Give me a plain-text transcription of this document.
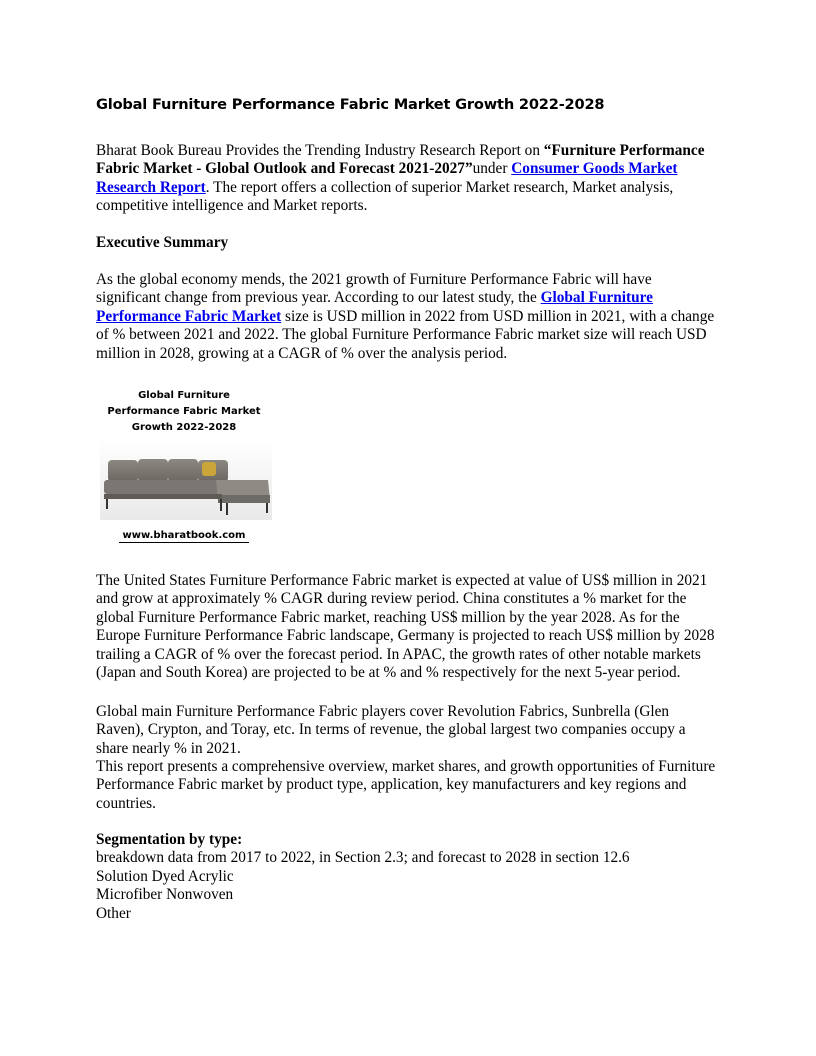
Global Furniture Performance Fabric Market Growth 2022-2028

Bharat Book Bureau Provides the Trending Industry Research Report on “Furniture Performance Fabric Market - Global Outlook and Forecast 2021-2027”under Consumer Goods Market Research Report. The report offers a collection of superior Market research, Market analysis, competitive intelligence and Market reports.

Executive Summary

As the global economy mends, the 2021 growth of Furniture Performance Fabric will have significant change from previous year. According to our latest study, the Global Furniture Performance Fabric Market size is USD million in 2022 from USD million in 2021, with a change of % between 2021 and 2022. The global Furniture Performance Fabric market size will reach USD million in 2028, growing at a CAGR of % over the analysis period.

Global Furniture Performance Fabric Market Growth 2022-2028

www.bharatbook.com

The United States Furniture Performance Fabric market is expected at value of US$ million in 2021 and grow at approximately % CAGR during review period. China constitutes a % market for the global Furniture Performance Fabric market, reaching US$ million by the year 2028. As for the Europe Furniture Performance Fabric landscape, Germany is projected to reach US$ million by 2028 trailing a CAGR of % over the forecast period. In APAC, the growth rates of other notable markets (Japan and South Korea) are projected to be at % and % respectively for the next 5-year period.

Global main Furniture Performance Fabric players cover Revolution Fabrics, Sunbrella (Glen Raven), Crypton, and Toray, etc. In terms of revenue, the global largest two companies occupy a share nearly % in 2021.

This report presents a comprehensive overview, market shares, and growth opportunities of Furniture Performance Fabric market by product type, application, key manufacturers and key regions and countries.

Segmentation by type:

breakdown data from 2017 to 2022, in Section 2.3; and forecast to 2028 in section 12.6

Solution Dyed Acrylic

Microfiber Nonwoven

Other
